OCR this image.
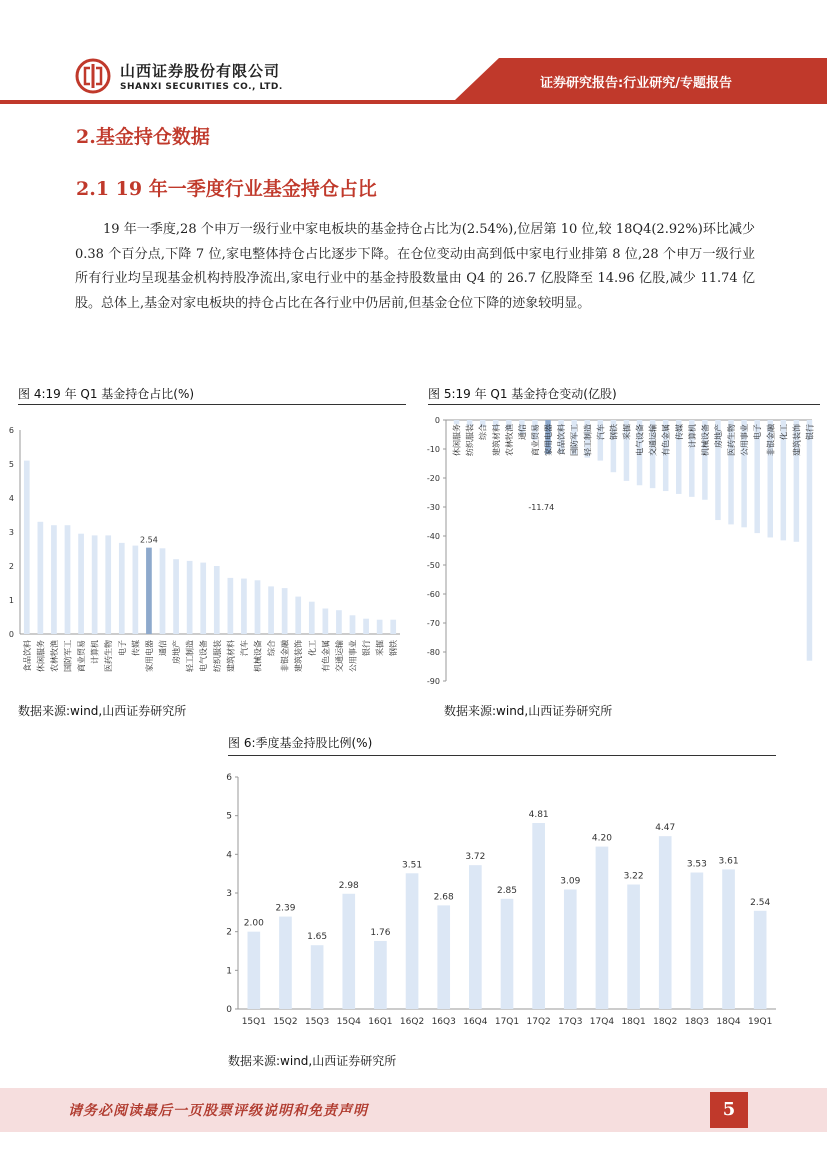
山西证券股份有限公司
SHANXI SECURITIES CO., LTD.	证券研究报告:行业研究/专题报告
2.基金持仓数据
2.1 19 年一季度行业基金持仓占比
19 年一季度,28 个申万一级行业中家电板块的基金持仓占比为(2.54%),位居第 10 位,较 18Q4(2.92%)环比减少 0.38 个百分点,下降 7 位,家电整体持仓占比逐步下降。在仓位变动由高到低中家电行业排第 8 位,28 个申万一级行业所有行业均呈现基金机构持股净流出,家电行业中的基金持股数量由 Q4 的 26.7 亿股降至 14.96 亿股,减少 11.74 亿股。总体上,基金对家电板块的持仓占比在各行业中仍居前,但基金仓位下降的迹象较明显。
图 4:19 年 Q1 基金持仓占比(%)
0
1
2
3
4
5
6
食品饮料 休闲服务 农林牧渔 国防军工 商业贸易 计算机 医药生物 电子 传媒 家用电器
2.54
通信 房地产 轻工制造 电气设备 纺织服装 建筑材料 汽车 机械设备 综合 非银金融 建筑装饰 化工 有色金属 交通运输 公用事业 银行 采掘 钢铁
数据来源:wind,山西证券研究所
图 5:19 年 Q1 基金持仓变动(亿股)
0
-10
-20
-30
-40
-50
-60
-70
-80
-90
休闲服务 纺织服装 综合 建筑材料 农林牧渔 通信 商业贸易 家用电器
-11.74
食品饮料 国防军工 轻工制造 汽车 钢铁 采掘 电气设备 交通运输 有色金属 传媒 计算机 机械设备 房地产 医药生物 公用事业 电子 非银金融 化工 建筑装饰 银行
数据来源:wind,山西证券研究所
图 6:季度基金持股比例(%)
0
1
2
3
4
5
6
2.00
15Q1
2.39
15Q2
1.65
15Q3
2.98
15Q4
1.76
16Q1
3.51
16Q2
2.68
16Q3
3.72
16Q4
2.85
17Q1
4.81
17Q2
3.09
17Q3
4.20
17Q4
3.22
18Q1
4.47
18Q2
3.53
18Q3
3.61
18Q4
2.54
19Q1
数据来源:wind,山西证券研究所
请务必阅读最后一页股票评级说明和免责声明	5
